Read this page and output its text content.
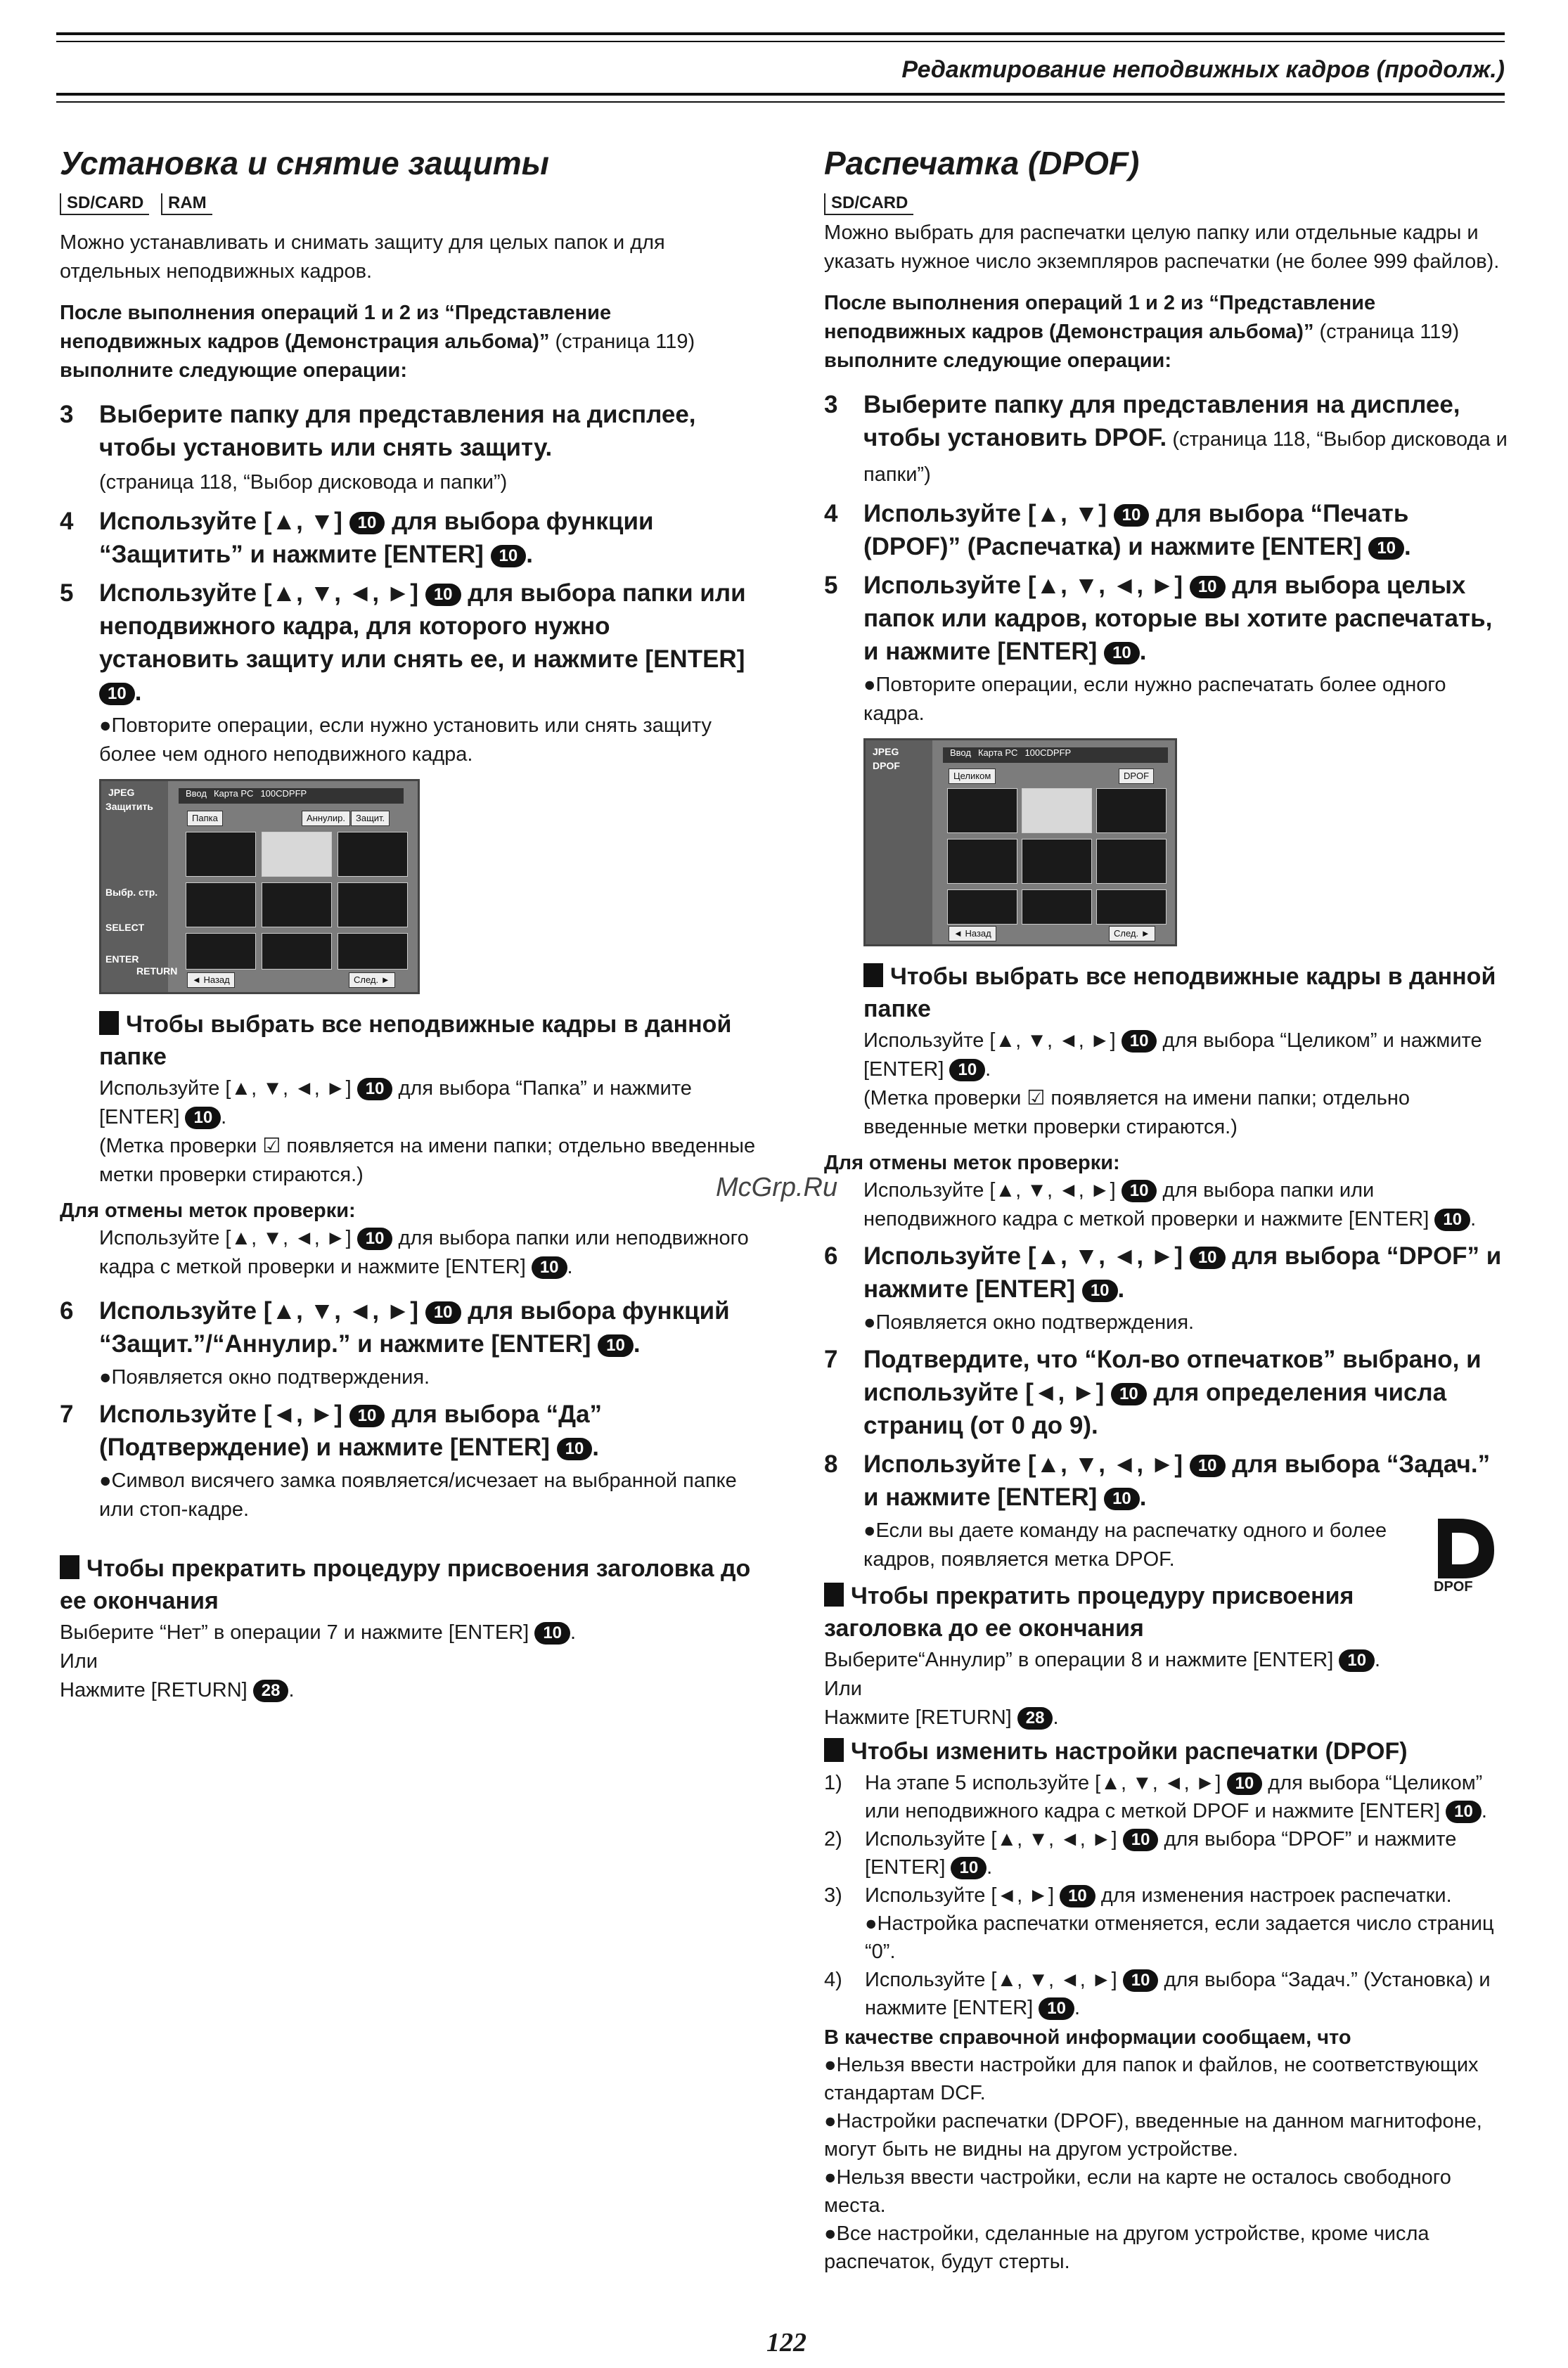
Редактирование неподвижных кадров (продолж.)
Установка и снятие защиты
SD/CARD RAM

Можно устанавливать и снимать защиту для целых папок и для отдельных неподвижных кадров.

После выполнения операций 1 и 2 из “Представление неподвижных кадров (Демонстрация альбома)” (страница 119) выполните следующие операции:

3	Выберите папку для представления на дисплее, чтобы установить или снять защиту.
(страница 118, “Выбор дисковода и папки”)
4	Используйте [▲, ▼] 10 для выбора функции “Защитить” и нажмите [ENTER] 10 .
5	Используйте [▲, ▼, ◄, ►] 10 для выбора папки или неподвижного кадра, для которого нужно установить защиту или снять ее, и нажмите [ENTER] 10 .
●Повторите операции, если нужно установить или снять защиту более чем одного неподвижного кадра.
JPEG
Защитить
Выбр. стр.
SELECT
ENTER
RETURN
Ввод Карта PC 100CDPFP
Папка	Аннулир.	Защит.
◄ Назад	След. ►
Чтобы выбрать все неподвижные кадры в данной папке

Используйте [▲, ▼, ◄, ►] 10 для выбора “Папка” и нажмите [ENTER] 10 .
(Метка проверки ☑ появляется на имени папки; отдельно введенные метки проверки стираются.)

Для отмены меток проверки:

Используйте [▲, ▼, ◄, ►] 10 для выбора папки или неподвижного кадра с меткой проверки и нажмите [ENTER] 10 .

6	Используйте [▲, ▼, ◄, ►] 10 для выбора функций “Защит.”/“Аннулир.” и нажмите [ENTER] 10 .
●Появляется окно подтверждения.
7	Используйте [◄, ►] 10 для выбора “Да” (Подтверждение) и нажмите [ENTER] 10 .
●Символ висячего замка появляется/исчезает на выбранной папке или стоп-кадре.
Чтобы прекратить процедуру присвоения заголовка до ее окончания

Выберите “Нет” в операции 7 и нажмите [ENTER] 10 .
Или
Нажмите [RETURN] 28 .

Распечатка (DPOF)
SD/CARD

Можно выбрать для распечатки целую папку или отдельные кадры и указать нужное число экземпляров распечатки (не более 999 файлов).

После выполнения операций 1 и 2 из “Представление неподвижных кадров (Демонстрация альбома)” (страница 119) выполните следующие операции:

3	Выберите папку для представления на дисплее, чтобы установить DPOF. (страница 118, “Выбор дисковода и папки”)
4	Используйте [▲, ▼] 10 для выбора “Печать (DPOF)” (Распечатка) и нажмите [ENTER] 10 .
5	Используйте [▲, ▼, ◄, ►] 10 для выбора целых папок или кадров, которые вы хотите распечатать, и нажмите [ENTER] 10 .
●Повторите операции, если нужно распечатать более одного кадра.
JPEG
DPOF
Ввод Карта PC 100CDPFP
Целиком	DPOF
◄ Назад	След. ►
Чтобы выбрать все неподвижные кадры в данной папке

Используйте [▲, ▼, ◄, ►] 10 для выбора “Целиком” и нажмите [ENTER] 10 .
(Метка проверки ☑ появляется на имени папки; отдельно введенные метки проверки стираются.)

Для отмены меток проверки:

Используйте [▲, ▼, ◄, ►] 10 для выбора папки или неподвижного кадра с меткой проверки и нажмите [ENTER] 10 .

6	Используйте [▲, ▼, ◄, ►] 10 для выбора “DPOF” и нажмите [ENTER] 10 .
●Появляется окно подтверждения.
7	Подтвердите, что “Кол-во отпечатков” выбрано, и используйте [◄, ►] 10 для определения числа страниц (от 0 до 9).
8	Используйте [▲, ▼, ◄, ►] 10 для выбора “Задач.” и нажмите [ENTER] 10 .
●Если вы даете команду на распечатку одного и более кадров, появляется метка DPOF.
Чтобы прекратить процедуру присвоения заголовка до ее окончания

Выберите“Аннулир” в операции 8 и нажмите [ENTER] 10 .
Или
Нажмите [RETURN] 28 .

Чтобы изменить настройки распечатки (DPOF)
1)	На этапе 5 используйте [▲, ▼, ◄, ►] 10 для выбора “Целиком” или неподвижного кадра с меткой DPOF и нажмите [ENTER] 10 .
2)	Используйте [▲, ▼, ◄, ►] 10 для выбора “DPOF” и нажмите [ENTER] 10 .
3)	Используйте [◄, ►] 10 для изменения настроек распечатки.
●Настройка распечатки отменяется, если задается число страниц “0”.
4)	Используйте [▲, ▼, ◄, ►] 10 для выбора “Задач.” (Установка) и нажмите [ENTER] 10 .
В качестве справочной информации сообщаем, что

●Нельзя ввести настройки для папок и файлов, не соответствующих стандартам DCF.

●Настройки распечатки (DPOF), введенные на данном магнитофоне, могут быть не видны на другом устройстве.

●Нельзя ввести частройки, если на карте не осталось свободного места.

●Все настройки, сделанные на другом устройстве, кроме числа распечаток, будут стерты.

DPOF
McGrp.Ru
122
